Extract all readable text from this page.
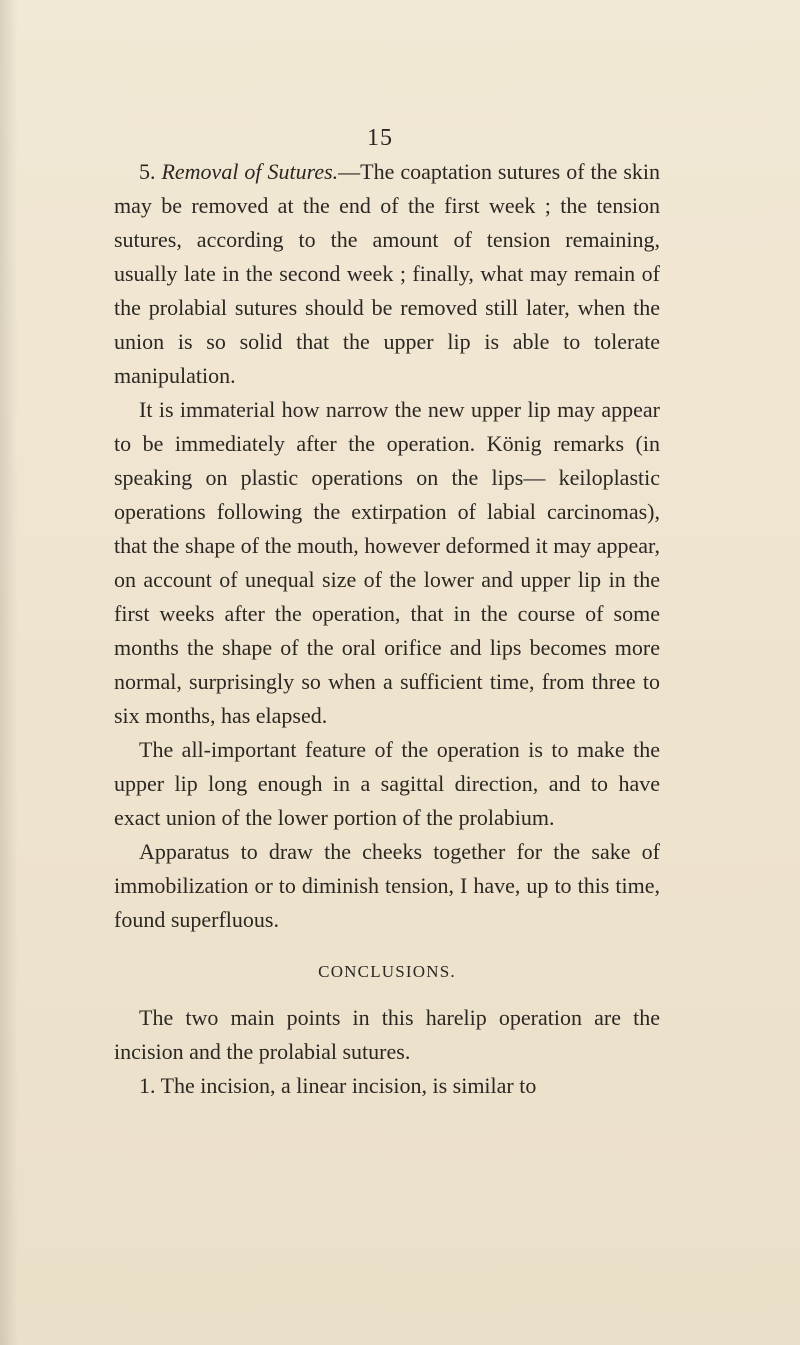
15

5. Removal of Sutures.—The coaptation sutures of the skin may be removed at the end of the first week ; the tension sutures, according to the amount of tension remaining, usually late in the second week ; finally, what may remain of the prolabial sutures should be removed still later, when the union is so solid that the upper lip is able to tolerate manipulation.

It is immaterial how narrow the new upper lip may appear to be immediately after the operation. König remarks (in speaking on plastic operations on the lips— keiloplastic operations following the extirpation of labial carcinomas), that the shape of the mouth, however deformed it may appear, on account of unequal size of the lower and upper lip in the first weeks after the operation, that in the course of some months the shape of the oral orifice and lips becomes more normal, surprisingly so when a sufficient time, from three to six months, has elapsed.

The all-important feature of the operation is to make the upper lip long enough in a sagittal direction, and to have exact union of the lower portion of the prolabium.

Apparatus to draw the cheeks together for the sake of immobilization or to diminish tension, I have, up to this time, found superfluous.

CONCLUSIONS.

The two main points in this harelip operation are the incision and the prolabial sutures.

1. The incision, a linear incision, is similar to
